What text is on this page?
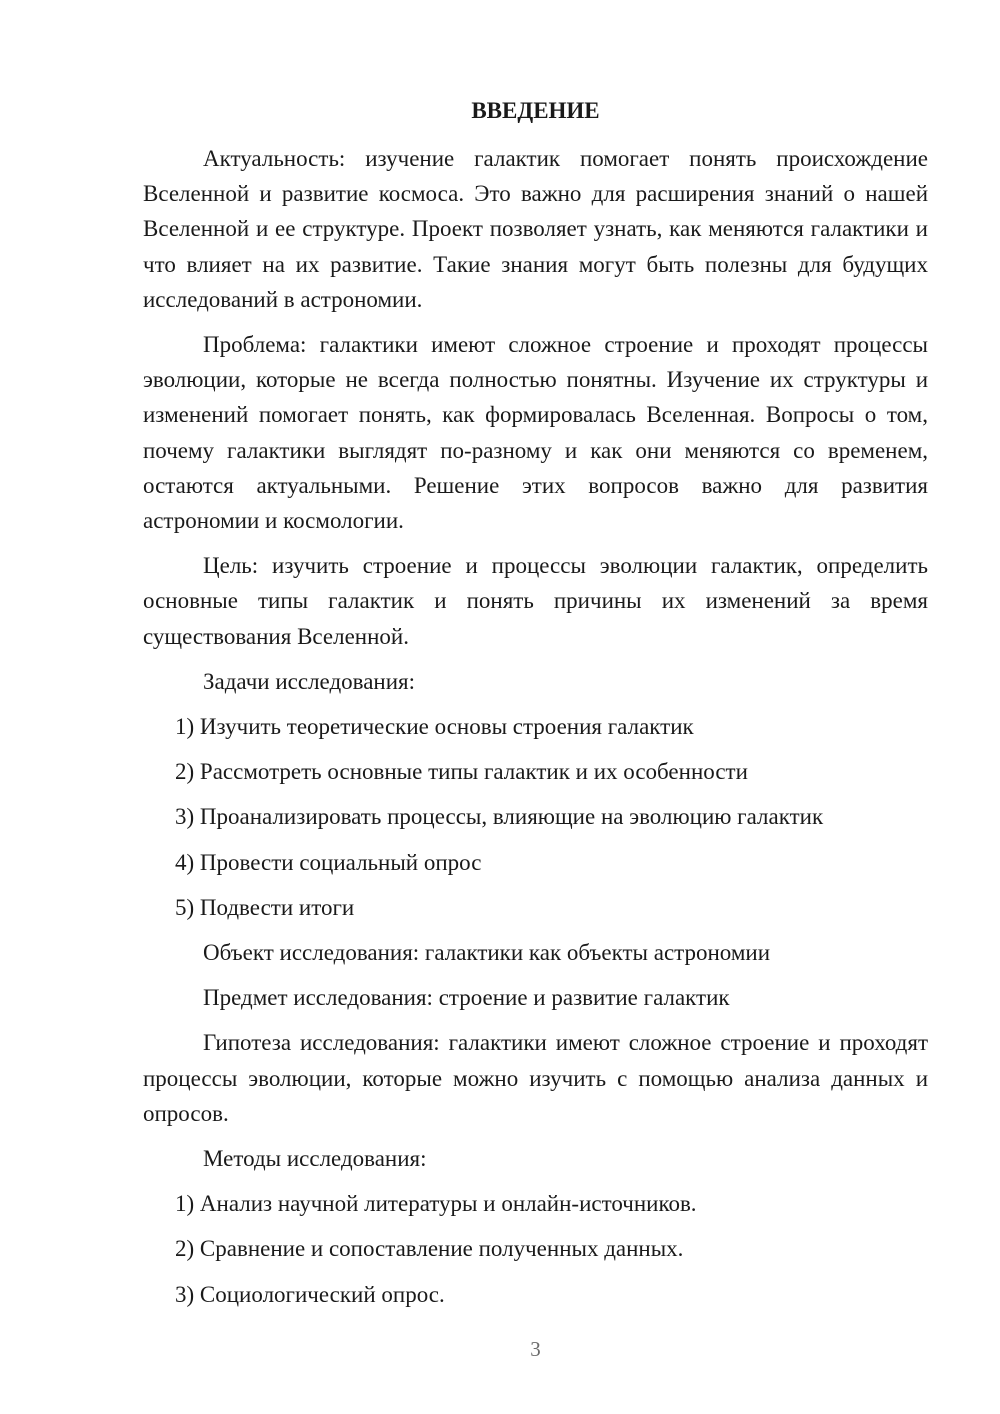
ВВЕДЕНИЕ

Актуальность: изучение галактик помогает понять происхождение Вселенной и развитие космоса. Это важно для расширения знаний о нашей Вселенной и ее структуре. Проект позволяет узнать, как меняются галактики и что влияет на их развитие. Такие знания могут быть полезны для будущих исследований в астрономии.

Проблема: галактики имеют сложное строение и проходят процессы эволюции, которые не всегда полностью понятны. Изучение их структуры и изменений помогает понять, как формировалась Вселенная. Вопросы о том, почему галактики выглядят по-разному и как они меняются со временем, остаются актуальными. Решение этих вопросов важно для развития астрономии и космологии.

Цель: изучить строение и процессы эволюции галактик, определить основные типы галактик и понять причины их изменений за время существования Вселенной.

Задачи исследования:

1) Изучить теоретические основы строения галактик
2) Рассмотреть основные типы галактик и их особенности
3) Проанализировать процессы, влияющие на эволюцию галактик
4) Провести социальный опрос
5) Подвести итоги

Объект исследования: галактики как объекты астрономии

Предмет исследования: строение и развитие галактик

Гипотеза исследования: галактики имеют сложное строение и проходят процессы эволюции, которые можно изучить с помощью анализа данных и опросов.

Методы исследования:

1) Анализ научной литературы и онлайн-источников.
2) Сравнение и сопоставление полученных данных.
3) Социологический опрос.
3
